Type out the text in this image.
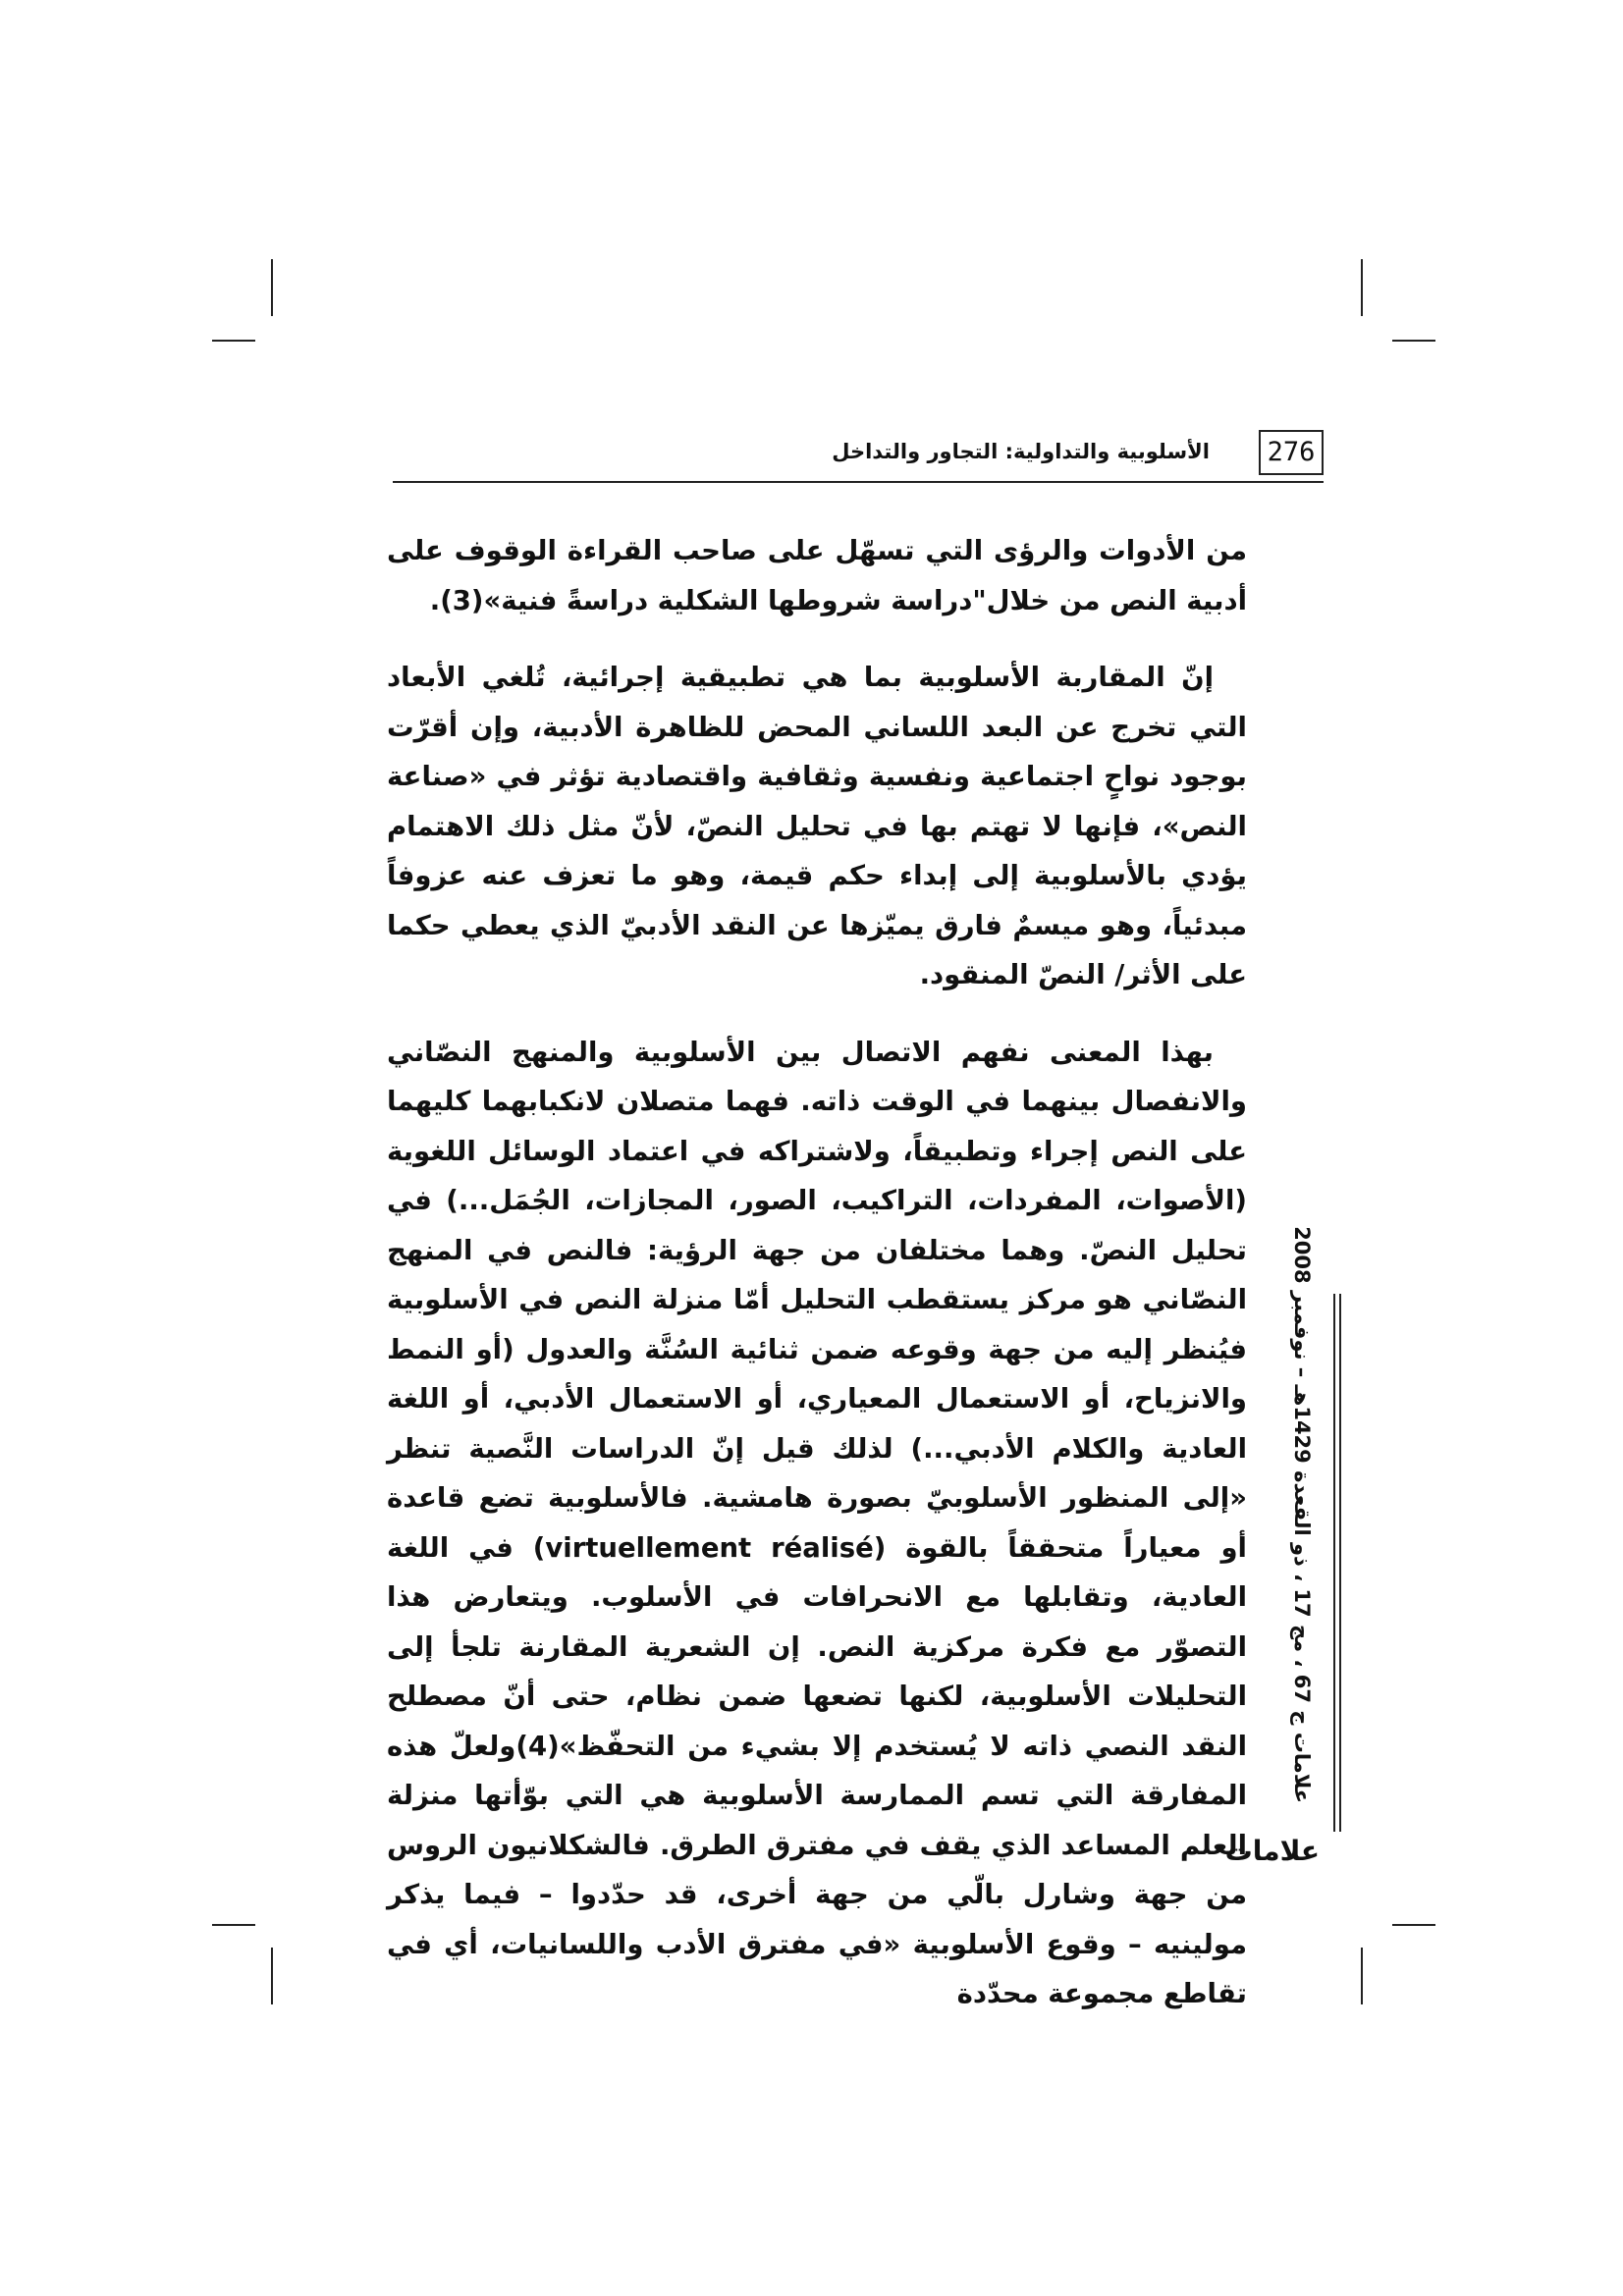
276
الأسلوبية والتداولية: التجاور والتداخل

من الأدوات والرؤى التي تسهّل على صاحب القراءة الوقوف على أدبية النص من خلال"دراسة شروطها الشكلية دراسةً فنية»(3).

إنّ المقاربة الأسلوبية بما هي تطبيقية إجرائية، تُلغي الأبعاد التي تخرج عن البعد اللساني المحض للظاهرة الأدبية، وإن أقرّت بوجود نواحٍ اجتماعية ونفسية وثقافية واقتصادية تؤثر في «صناعة النص»، فإنها لا تهتم بها في تحليل النصّ، لأنّ مثل ذلك الاهتمام يؤدي بالأسلوبية إلى إبداء حكم قيمة، وهو ما تعزف عنه عزوفاً مبدئياً، وهو ميسمٌ فارق يميّزها عن النقد الأدبيّ الذي يعطي حكما على الأثر/ النصّ المنقود.

بهذا المعنى نفهم الاتصال بين الأسلوبية والمنهج النصّاني والانفصال بينهما في الوقت ذاته. فهما متصلان لانكبابهما كليهما على النص إجراء وتطبيقاً، ولاشتراكه في اعتماد الوسائل اللغوية (الأصوات، المفردات، التراكيب، الصور، المجازات، الجُمَل...) في تحليل النصّ. وهما مختلفان من جهة الرؤية: فالنص في المنهج النصّاني هو مركز يستقطب التحليل أمّا منزلة النص في الأسلوبية فيُنظر إليه من جهة وقوعه ضمن ثنائية السُنَّة والعدول (أو النمط والانزياح، أو الاستعمال المعياري، أو الاستعمال الأدبي، أو اللغة العادية والكلام الأدبي...) لذلك قيل إنّ الدراسات النَّصية تنظر «إلى المنظور الأسلوبيّ بصورة هامشية. فالأسلوبية تضع قاعدة أو معياراً متحققاً بالقوة (virtuellement réalisé) في اللغة العادية، وتقابلها مع الانحرافات في الأسلوب. ويتعارض هذا التصوّر مع فكرة مركزية النص. إن الشعرية المقارنة تلجأ إلى التحليلات الأسلوبية، لكنها تضعها ضمن نظام، حتى أنّ مصطلح النقد النصي ذاته لا يُستخدم إلا بشيء من التحفّظ»(4)ولعلّ هذه المفارقة التي تسم الممارسة الأسلوبية هي التي بوّأتها منزلة العلم المساعد الذي يقف في مفترق الطرق. فالشكلانيون الروس من جهة وشارل بالّي من جهة أخرى، قد حدّدوا – فيما يذكر مولينيه – وقوع الأسلوبية «في مفترق الأدب واللسانيات، أي في تقاطع مجموعة محدّدة

علامات ج 67 ، مج 17 ، ذو القعدة 1429هـ – نوفمبر 2008
علامات
